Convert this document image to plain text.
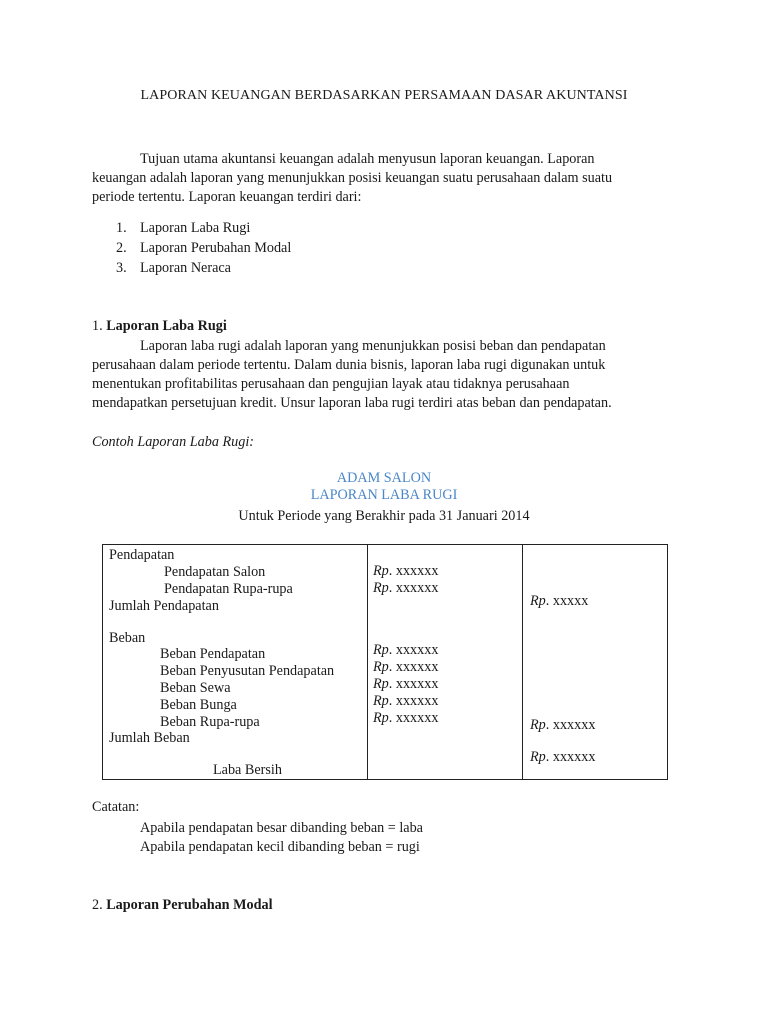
LAPORAN KEUANGAN BERDASARKAN PERSAMAAN DASAR AKUNTANSI
Tujuan utama akuntansi keuangan adalah menyusun laporan keuangan. Laporan
keuangan adalah laporan yang menunjukkan posisi keuangan suatu perusahaan dalam suatu
periode tertentu. Laporan keuangan terdiri dari:
1. Laporan Laba Rugi
2. Laporan Perubahan Modal
3. Laporan Neraca
1. Laporan Laba Rugi
Laporan laba rugi adalah laporan yang menunjukkan posisi beban dan pendapatan
perusahaan dalam periode tertentu. Dalam dunia bisnis, laporan laba rugi digunakan untuk
menentukan profitabilitas perusahaan dan pengujian layak atau tidaknya perusahaan
mendapatkan persetujuan kredit. Unsur laporan laba rugi terdiri atas beban dan pendapatan.
Contoh Laporan Laba Rugi:
ADAM SALON
LAPORAN LABA RUGI
Untuk Periode yang Berakhir pada 31 Januari 2014
Pendapatan
Pendapatan Salon
Pendapatan Rupa-rupa
Jumlah Pendapatan
Beban
Beban Pendapatan
Beban Penyusutan Pendapatan
Beban Sewa
Beban Bunga
Beban Rupa-rupa
Jumlah Beban
Laba Bersih
Rp. xxxxxx
Rp. xxxxxx
Rp. xxxxxx
Rp. xxxxxx
Rp. xxxxxx
Rp. xxxxxx
Rp. xxxxxx
Rp. xxxxx
Rp. xxxxxx
Rp. xxxxxx
Catatan:
Apabila pendapatan besar dibanding beban = laba
Apabila pendapatan kecil dibanding beban = rugi
2. Laporan Perubahan Modal
